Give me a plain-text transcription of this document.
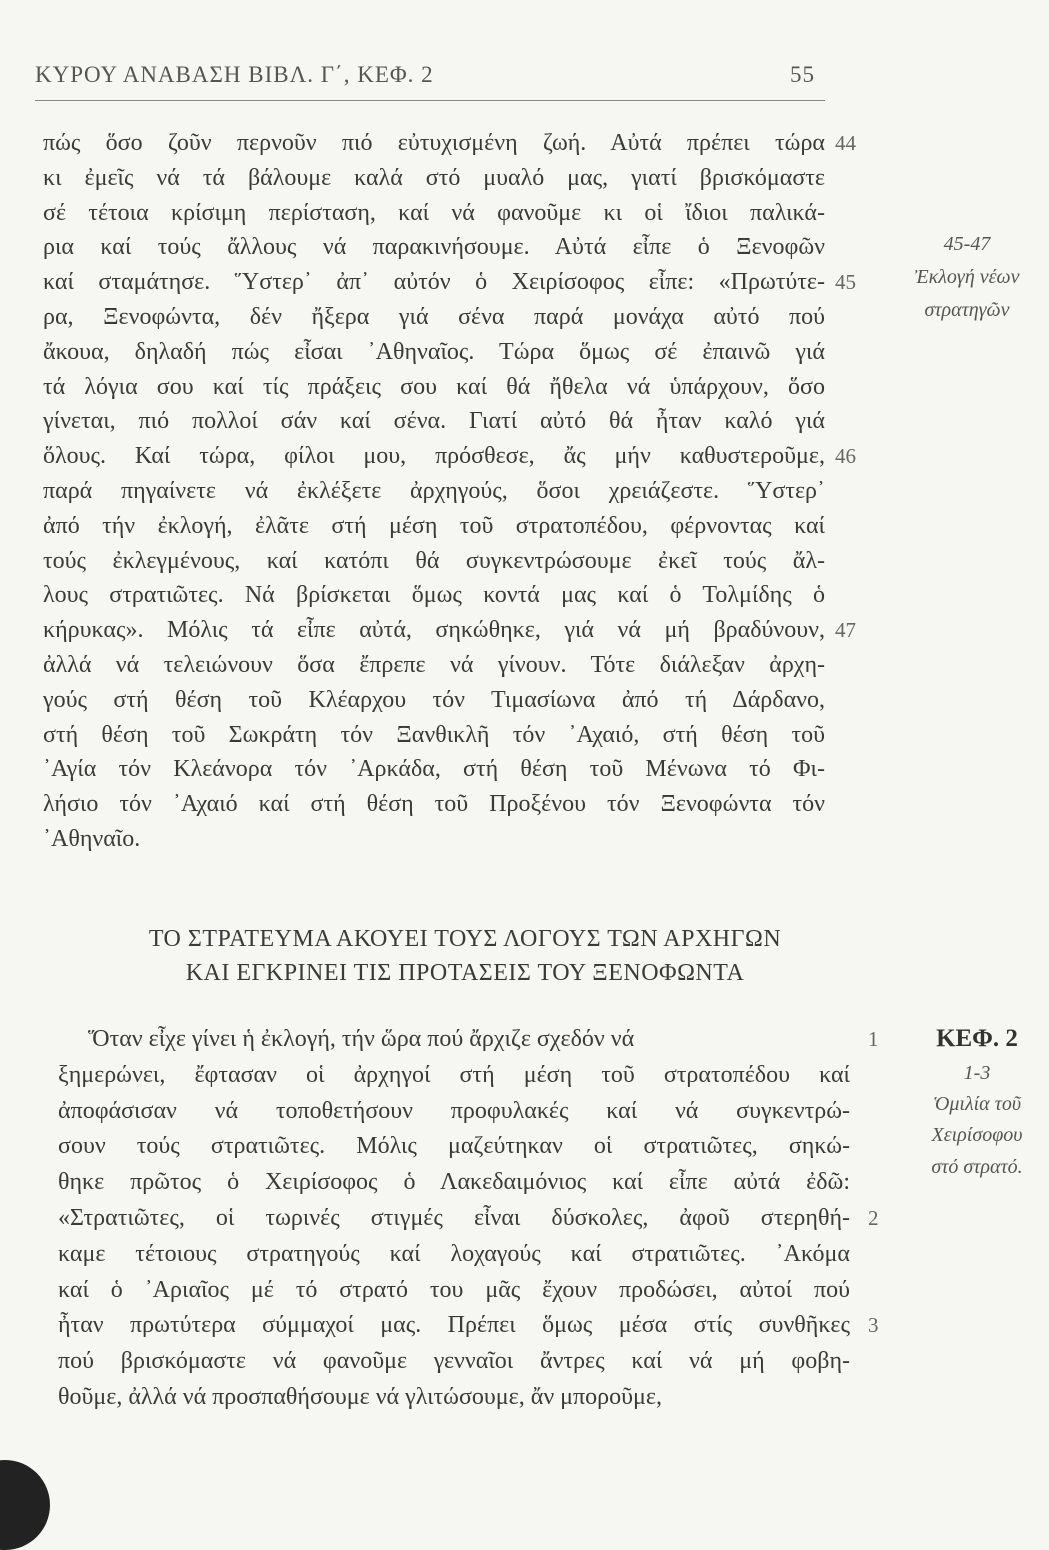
ΚΥΡΟΥ ΑΝΑΒΑΣΗ ΒΙΒΛ. Γ΄, ΚΕΦ. 2	55
πώς ὅσο ζοῦν περνοῦν πιό εὐτυχισμένη ζωή. Αὐτά πρέπει τώρα
κι ἐμεῖς νά τά βάλουμε καλά στό μυαλό μας, γιατί βρισκόμαστε
σέ τέτοια κρίσιμη περίσταση, καί νά φανοῦμε κι οἱ ἴδιοι παλικά-
ρια καί τούς ἄλλους νά παρακινήσουμε. Αὐτά εἶπε ὁ Ξενοφῶν
καί σταμάτησε. Ὕστερ᾽ ἀπ᾽ αὐτόν ὁ Χειρίσοφος εἶπε: «Πρωτύτε-
ρα, Ξενοφώντα, δέν ἤξερα γιά σένα παρά μονάχα αὐτό πού
ἄκουα, δηλαδή πώς εἶσαι ᾽Αθηναῖος. Τώρα ὅμως σέ ἐπαινῶ γιά
τά λόγια σου καί τίς πράξεις σου καί θά ἤθελα νά ὑπάρχουν, ὅσο
γίνεται, πιό πολλοί σάν καί σένα. Γιατί αὐτό θά ἦταν καλό γιά
ὅλους. Καί τώρα, φίλοι μου, πρόσθεσε, ἄς μήν καθυστεροῦμε,
παρά πηγαίνετε νά ἐκλέξετε ἀρχηγούς, ὅσοι χρειάζεστε. Ὕστερ᾽
ἀπό τήν ἐκλογή, ἐλᾶτε στή μέση τοῦ στρατοπέδου, φέρνοντας καί
τούς ἐκλεγμένους, καί κατόπι θά συγκεντρώσουμε ἐκεῖ τούς ἄλ-
λους στρατιῶτες. Νά βρίσκεται ὅμως κοντά μας καί ὁ Τολμίδης ὁ
κήρυκας». Μόλις τά εἶπε αὐτά, σηκώθηκε, γιά νά μή βραδύνουν,
ἀλλά νά τελειώνουν ὅσα ἔπρεπε νά γίνουν. Τότε διάλεξαν ἀρχη-
γούς στή θέση τοῦ Κλέαρχου τόν Τιμασίωνα ἀπό τή Δάρδανο,
στή θέση τοῦ Σωκράτη τόν Ξανθικλῆ τόν ᾽Αχαιό, στή θέση τοῦ
᾽Αγία τόν Κλεάνορα τόν ᾽Αρκάδα, στή θέση τοῦ Μένωνα τό Φι-
λήσιο τόν ᾽Αχαιό καί στή θέση τοῦ Προξένου τόν Ξενοφώντα τόν
᾽Αθηναῖο.
44
45
46
47
ΤΟ ΣΤΡΑΤΕΥΜΑ ΑΚΟΥΕΙ ΤΟΥΣ ΛΟΓΟΥΣ ΤΩΝ ΑΡΧΗΓΩΝ
ΚΑΙ ΕΓΚΡΙΝΕΙ ΤΙΣ ΠΡΟΤΑΣΕΙΣ ΤΟΥ ΞΕΝΟΦΩΝΤΑ
Ὅταν εἶχε γίνει ἡ ἐκλογή, τήν ὥρα πού ἄρχιζε σχεδόν νά
ξημερώνει, ἔφτασαν οἱ ἀρχηγοί στή μέση τοῦ στρατοπέδου καί
ἀποφάσισαν νά τοποθετήσουν προφυλακές καί νά συγκεντρώ-
σουν τούς στρατιῶτες. Μόλις μαζεύτηκαν οἱ στρατιῶτες, σηκώ-
θηκε πρῶτος ὁ Χειρίσοφος ὁ Λακεδαιμόνιος καί εἶπε αὐτά ἐδῶ:
«Στρατιῶτες, οἱ τωρινές στιγμές εἶναι δύσκολες, ἀφοῦ στερηθή-
καμε τέτοιους στρατηγούς καί λοχαγούς καί στρατιῶτες. ᾽Ακόμα
καί ὁ ᾽Αριαῖος μέ τό στρατό του μᾶς ἔχουν προδώσει, αὐτοί πού
ἦταν πρωτύτερα σύμμαχοί μας. Πρέπει ὅμως μέσα στίς συνθῆκες
πού βρισκόμαστε νά φανοῦμε γενναῖοι ἄντρες καί νά μή φοβη-
θοῦμε, ἀλλά νά προσπαθήσουμε νά γλιτώσουμε, ἄν μποροῦμε,
1
2
3
45-47
Ἐκλογή νέων
στρατηγῶν
ΚΕΦ. 2
1-3
Ὁμιλία τοῦ
Χειρίσοφου
στό στρατό.
